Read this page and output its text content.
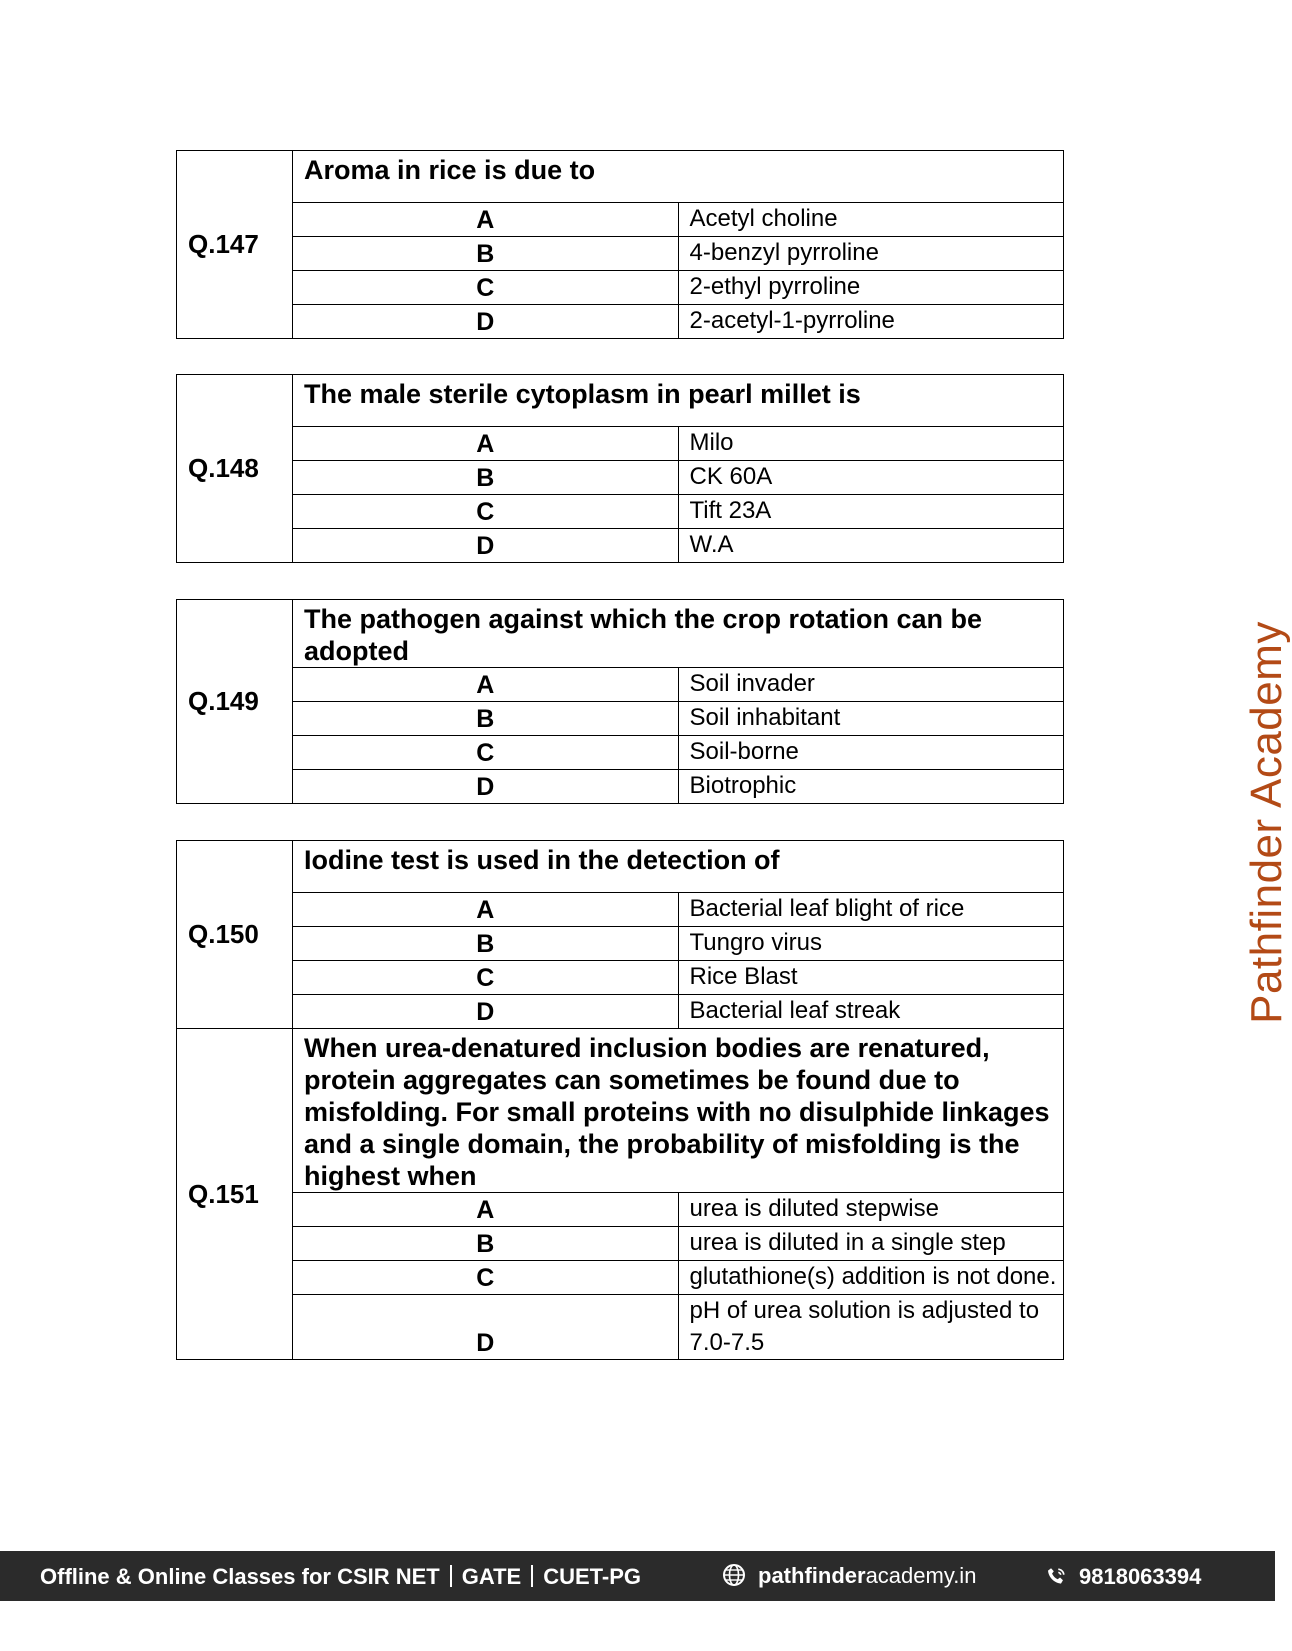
Q.147	Aroma in rice is due to	
	A	Acetyl choline
	B	4-benzyl pyrroline
	C	2-ethyl pyrroline
	D	2-acetyl-1-pyrroline
Q.148	The male sterile cytoplasm in pearl millet is	
	A	Milo
	B	CK 60A
	C	Tift 23A
	D	W.A
Q.149	The pathogen against which the crop rotation can be adopted	
	A	Soil invader
	B	Soil inhabitant
	C	Soil-borne
	D	Biotrophic
Q.150	Iodine test is used in the detection of	
	A	Bacterial leaf blight of rice
	B	Tungro virus
	C	Rice Blast
	D	Bacterial leaf streak
Q.151	When urea-denatured inclusion bodies are renatured, protein aggregates can sometimes be found due to misfolding. For small proteins with no disulphide linkages and a single domain, the probability of misfolding is the highest when	
	A	urea is diluted stepwise
	B	urea is diluted in a single step
	C	glutathione(s) addition is not done.
	D	pH of urea solution is adjusted to 7.0-7.5
Pathfinder Academy
Offline & Online Classes for CSIR NET GATE CUET-PG	pathfinderacademy.in	9818063394
